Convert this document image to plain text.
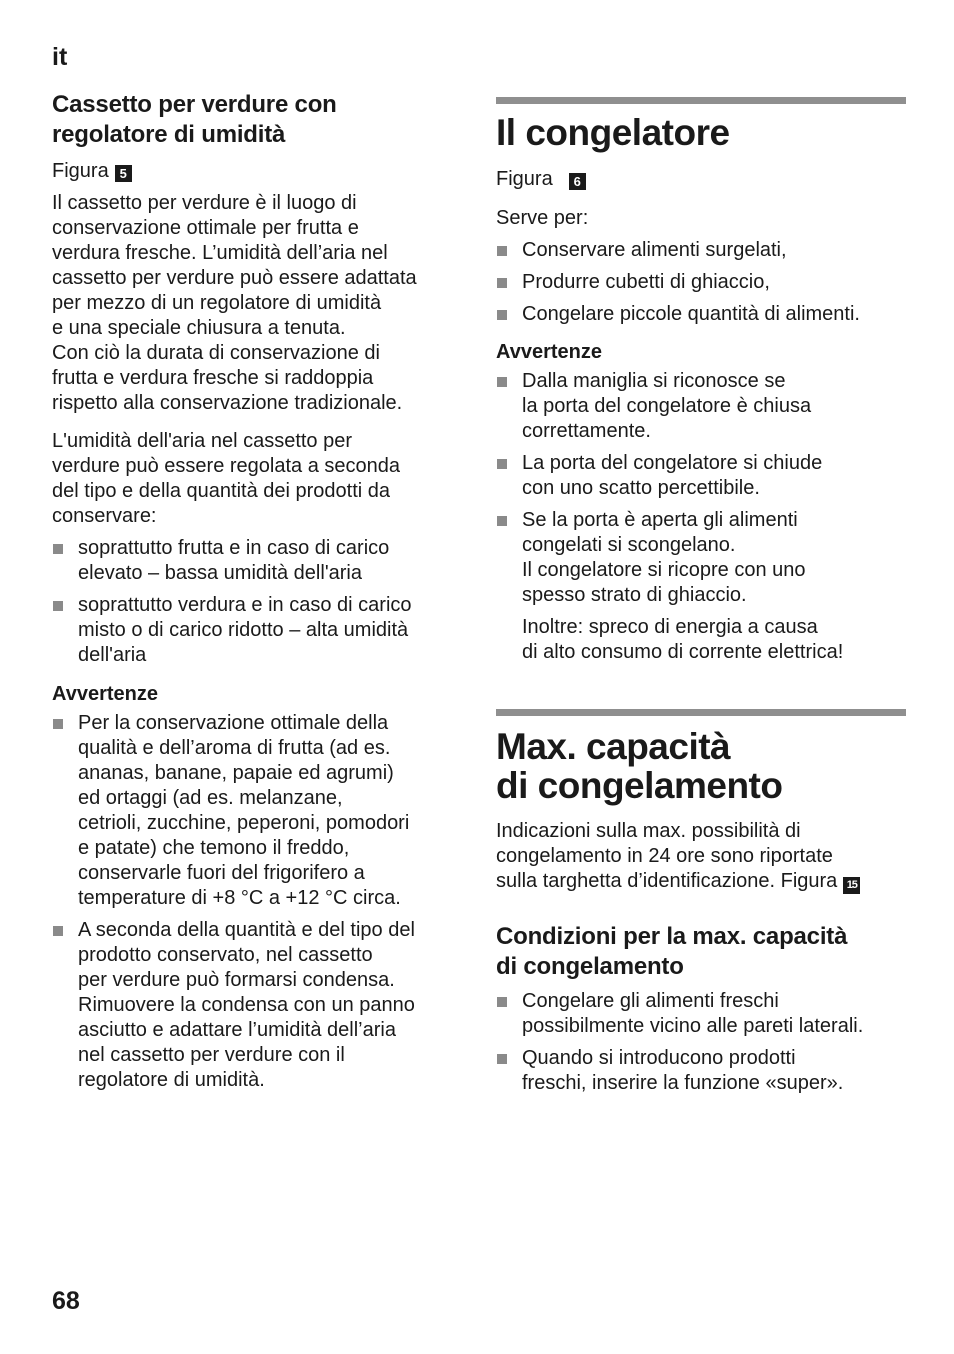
it
Cassetto per verdure con
regolatore di umidità

Figura 5

Il cassetto per verdure è il luogo di
conservazione ottimale per frutta e
verdura fresche. L’umidità dell’aria nel
cassetto per verdure può essere adattata
per mezzo di un regolatore di umidità
e una speciale chiusura a tenuta.
Con ciò la durata di conservazione di
frutta e verdura fresche si raddoppia
rispetto alla conservazione tradizionale.

L'umidità dell'aria nel cassetto per
verdure può essere regolata a seconda
del tipo e della quantità dei prodotti da
conservare:

soprattutto frutta e in caso di carico
elevato – bassa umidità dell'aria
soprattutto verdura e in caso di carico
misto o di carico ridotto – alta umidità
dell'aria

Avvertenze

Per la conservazione ottimale della
qualità e dell’aroma di frutta (ad es.
ananas, banane, papaie ed agrumi)
ed ortaggi (ad es. melanzane,
cetrioli, zucchine, peperoni, pomodori
e patate) che temono il freddo,
conservarle fuori del frigorifero a
temperature di +8 °C a +12 °C circa.
A seconda della quantità e del tipo del
prodotto conservato, nel cassetto
per verdure può formarsi condensa.
Rimuovere la condensa con un panno
asciutto e adattare l’umidità dell’aria
nel cassetto per verdure con il
regolatore di umidità.
Il congelatore

Figura 6

Serve per:

Conservare alimenti surgelati,
Produrre cubetti di ghiaccio,
Congelare piccole quantità di alimenti.

Avvertenze

Dalla maniglia si riconosce se
la porta del congelatore è chiusa
correttamente.
La porta del congelatore si chiude
con uno scatto percettibile.
Se la porta è aperta gli alimenti
congelati si scongelano.
Il congelatore si ricopre con uno
spesso strato di ghiaccio.

Inoltre: spreco di energia a causa
di alto consumo di corrente elettrica!

Max. capacità
di congelamento

Indicazioni sulla max. possibilità di
congelamento in 24 ore sono riportate
sulla targhetta d’identificazione. Figura 15

Condizioni per la max. capacità
di congelamento
Congelare gli alimenti freschi
possibilmente vicino alle pareti laterali.
Quando si introducono prodotti
freschi, inserire la funzione «super».
68
